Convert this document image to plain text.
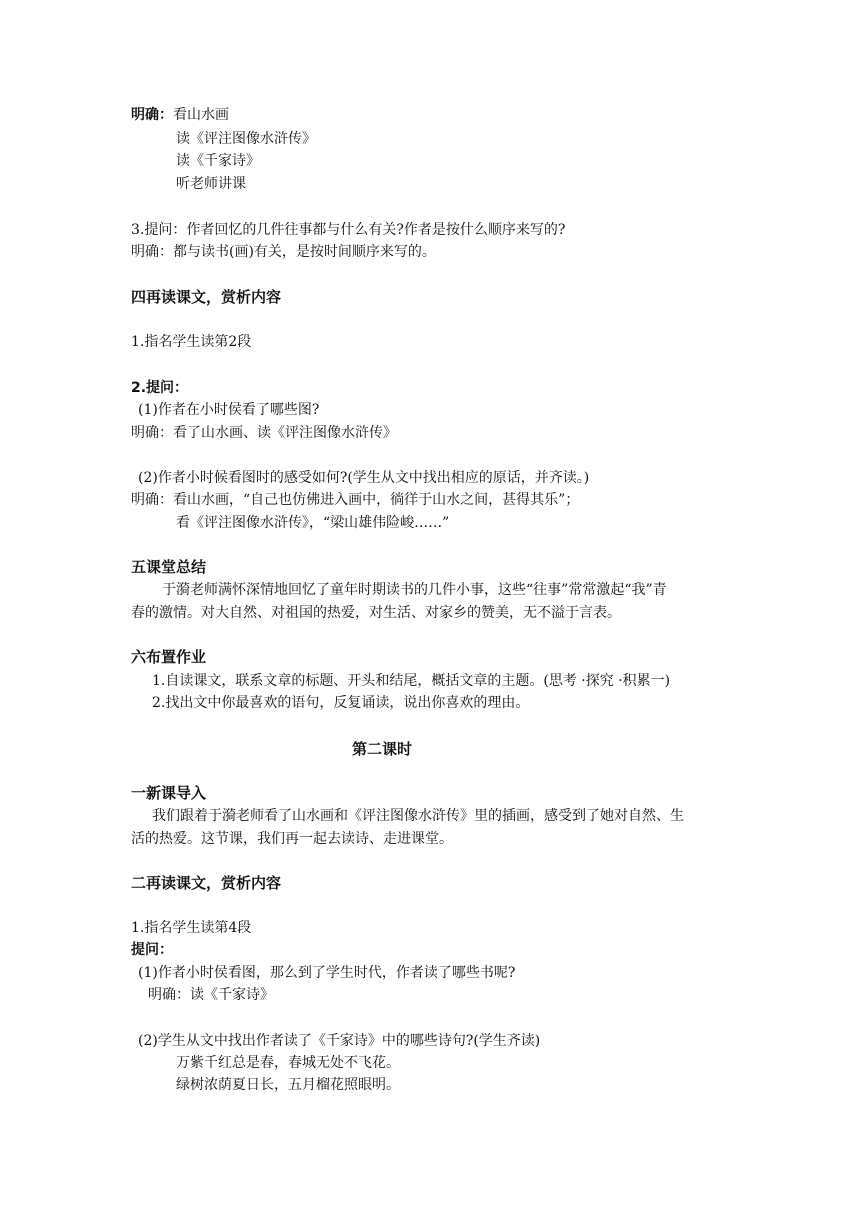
明确：看山水画
读《评注图像水浒传》
读《千家诗》
听老师讲课
3.提问：作者回忆的几件往事都与什么有关?作者是按什么顺序来写的?
明确：都与读书(画)有关，是按时间顺序来写的。
四再读课文，赏析内容
1.指名学生读第2段
2.提问：
(1)作者在小时侯看了哪些图?
明确：看了山水画、读《评注图像水浒传》
(2)作者小时候看图时的感受如何?(学生从文中找出相应的原话，并齐读。)
明确：看山水画，“自己也仿佛进入画中，徜徉于山水之间，甚得其乐”；
看《评注图像水浒传》，“梁山雄伟险峻……”
五课堂总结
于漪老师满怀深情地回忆了童年时期读书的几件小事，这些“往事”常常激起“我”青
春的激情。对大自然、对祖国的热爱，对生活、对家乡的赞美，无不溢于言表。
六布置作业
1.自读课文，联系文章的标题、开头和结尾，概括文章的主题。(思考 ·探究 ·积累一)
2.找出文中你最喜欢的语句，反复诵读，说出你喜欢的理由。
第二课时
一新课导入
我们跟着于漪老师看了山水画和《评注图像水浒传》里的插画，感受到了她对自然、生
活的热爱。这节课，我们再一起去读诗、走进课堂。
二再读课文，赏析内容
1.指名学生读第4段
提问：
(1)作者小时侯看图，那么到了学生时代，作者读了哪些书呢?
明确：读《千家诗》
(2)学生从文中找出作者读了《千家诗》中的哪些诗句?(学生齐读)
万紫千红总是春，春城无处不飞花。
绿树浓荫夏日长，五月榴花照眼明。
